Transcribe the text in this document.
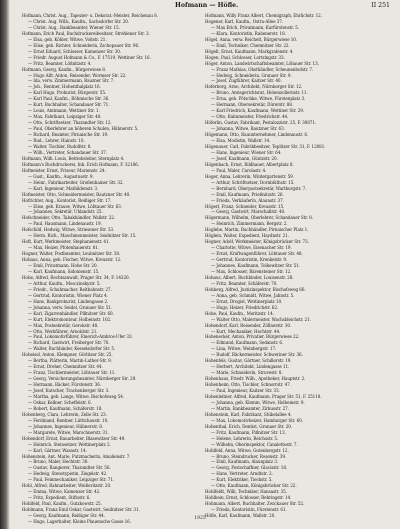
Hofmann — Höfle.	II 251
Hofmann, Christ. Aug., Tapezier- u. Dekorat.-Meister, Reichenau 8.
— Christ. Aug. Wilh., Kaufm., Sachsdorfer Str. 20.
— Christ. Aug., Bankbeamter, Wiener Str. 15.
Hofmann, Erich Paul, Buchdruckereibesitzer, Strehlener Str. 3.
— Elsa, geb. Köhler, Witwe, Voßstr. 21.
— Elise, geb. Richter, Schneiderin, Zschopauer Str. 96.
— Ernst Eduard, Schlosser, Kamenzer Str. 30.
— Friedr. August Hofmann & Co., F. 17519, Wettiner Str. 16.
— Fritz, Beamter, Lößnitzstr. 4.
Hofmann, Georg, Kaufm., Bürgerwiese 8.
— Hugo Alfr. Anton, Reisender, Wormser Str. 22.
— Ida, verw. Zimmermann, Bauzner Str. 7.
— Joh., Rentner, Hohenthalplatz 16.
— Karl Hugo, Prokurist, Bürgerstr. 55.
— Karl Paul, Kaufm., Böhmische Str. 36.
— Kurt, Buchhalter, Schandauer Str. 71.
— Louis, Amtmann, Wettiner Str. 1.
— Max, Fabrikant, Leipziger Str. 40.
— Otto, Schriftsetzer, Tharandter Str. 12.
— Paul, Oberlehrer an höheren Schulen, Hübnerstr. 5.
— Richard, Beamter, Pirnaische Str. 19.
— Rud., Lehrer, Hainstr. 10.
— Walter, Tischler, Rudolfstr. 8.
— Wilh., Vertreter, Schandauer Str. 37.
Hofmann, Wilh. Louis, Betriebsleiter, Sternplatz 4.
Hofmann's Buchdruckerei, Inh. Erich Hofmann, F. 32186.
Hofmeister, Ernst, Friseur, Marienstr. 24.
— Gust., Kaufm., Augustusstr. 9.
— Heinr., Fabrikarbeiter, Großenhainer Str. 32.
— Karl, Ingenieur, Mathildenstr. 3.
Hofmeister, Otto, Schneidermeister, Bautzner Str. 40.
Hofrichter, Aug., Kontorist, Reißiger Str. 17.
— Elise, geb. Krause, Witwe, Löbtauer Str. 63.
— Johannes, Sekretär, Uhlandstr. 25.
Hofschneider, Otto, Tabakhändler, Wallstr. 22.
— Paul, Hausmann, Lindenaustr. 19.
Hofschild, Hedwig, Witwe, Striesener Str. 33.
— Herm. Rich., Maschinenmeister, Seidnitzer Str. 15.
Hoft, Kurt, Werkmeister, Stephanienstr. 41.
— Max, Heizer, Pfotenhauerstr. 81.
Hogner, Walter, Postbeamter, Leubnitzer Str. 38.
Hohaus, Anna, geb. Fischer, Witwe, Kreuzstr. 12.
— Emil, Privatmann, Hohe Str. 20.
— Karl, Kaufmann, Sidonienstr. 15.
Hohe, Alfred, Rechtsanwalt, Prager Str. 34, F. 14320.
— Arthur, Kaufm., Mosczinskystr. 5.
— Friedr., Schuhmacher, Reitbahnstr. 27.
— Gertrud, Kontoristin, Wiener Platz 4.
— Hans, Bankprokurist, Lindengasse 2.
— Johanna, verw. Seidel, Grunaer Str. 51.
— Karl, Zigarrenhändler, Pillnitzer Str. 60.
— Kurt, Elektromonteur, Holbeinstr. 102.
— Max, Postsekretär, Gerokstr. 48.
— Otto, Werkführer, Arnoldstr. 21.
— Paul, Lokomotivführer, Emerich-Ambros-Ufer 33.
— Richard, Gastwirt, Freiberger Str. 70.
— Walter, Buchbinder, Kesselsdorfer Str. 5.
Hoheisel, Anton, Klempner, Görlitzer Str. 25.
— Bertha, Plätterin, Martin-Luther-Str. 9.
— Ernst, Dreher, Chemnitzer Str. 44.
— Franz, Tischlermeister, Löbtauer Str. 11.
— Georg, Versicherungsbeamter, Nürnberger Str. 29.
— Hermann, Bäcker, Fürstenstr. 36.
— Josef, Kutscher, Trachenberger Str. 3.
— Martha, geb. Lange, Witwe, Bischofsweg 54.
— Oskar, Kellner, Scheffelstr. 6.
— Robert, Kaufmann, Schäferstr. 18.
Hohenberg, Clara, Lehrerin, Zelle Str. 23.
— Ferdinand, Rentner, Lüttichaustr. 10.
— Johannes, Ingenieur, Hübnerstr. 8.
— Margarete, Witwe, Marschnerstr. 31.
Hohendorf, Ernst, Bauarbeiter, Blasewitzer Str. 49.
— Heinrich, Steinsetzer, Wettinerplatz 2.
— Karl, Gärtner, Wasastr. 14.
Hohenstein, Ant. Marie, Putzmacherin, Amalienstr. 7.
— Bruno, Maler, Hechtstr. 30.
— Gustav, Rangierer, Tharandter Str. 56.
— Hedwig, Stenotypistin, Ziegelstr. 42.
— Paul, Feinmechaniker, Leipziger Str. 71.
Hohl, Alfred, Bahnarbeiter, Weißeritzstr. 20.
— Emma, Witwe, Kamenzer Str. 42.
— Fritz, Expedient, Stiftsstr. 6.
Hohlfeld, Paul, Kaufm., Gutzkowstr. 25.
Hohlmann, Franz Emil Oskar, Gastwirt, Seidnitzer Str. 31.
— Georg, Kaufmann, Reißiger Str. 44.
— Hugo, Lagerhalter, Kleine Plauensche Gasse 16.
Hofmann, Willy Franz Albert, Chemigraph, Ehrlichstr. 12.
Hogener, Karl, Kaufm., Ostra-Allee 37.
— Max Erich, Privatmann, Kurfürstenstr. 5.
— Klara, Kontoristin, Rabenerstr. 18.
Högel, Anna, verw. Reichelt, Bürgerwiese 10.
— Emil, Techniker, Chemnitzer Str. 22.
Högelt, Ernst, Kaufmann, Markgrafenstr. 4.
Hogen, Paul, Schlosser, Lortzingstr. 33.
Höger, Anton, Landwirtschaftsbeamter, Löbauer Str. 13.
— Franz Mathias, Obsthändler, Scheunenhofstr. 7.
— Hedwig, Schneiderin, Grunaer Str. 9.
— Josef, Zugführer, Kaitzer Str. 40.
Hoferberg, Arno, Architekt, Nürnberger Str. 12.
— Bruno, Amtsgerichtsrat, Hohenzollernstr. 11.
— Erna, geb. Pötschke, Witwe, Fürstenplatz 3.
— Hermann, Obersekretär, Dürerstr. 88.
— Karl Friedrich, Kaufmann, Wettiner Str. 29.
— Otto, Bahnmeister, Friedrichstr. 44.
Höferlin, Gustav, Fabrikant, Pestalozzistr. 25, F. 30871.
— Johanna, Witwe, Bautzner Str. 63.
Högemann, Otto, Bauunternehmer, Lindenaustr. 6.
— Elsa, Modistin, Wallstr. 14.
Högenauer, Carl, Fabrikbesitzer, Teplitzer Str. 31, F. 12081.
— Hans, Ingenieur, Wiener Str. 64.
— Josef, Kaufmann, Güntzstr. 20.
Högenbach, Ernst, Bildhauer, Albertplatz 8.
— Paul, Maler, Carolastr. 4.
Hoger, Anna, Lehrerin, Wintergartenstr. 59.
— Arthur, Schriftsetzer, Dornblüthstr. 15.
— Bernhard, Oberpostsekretär, Wartburgstr. 7.
— Emil, Kaufmann, Prießnitzstr. 26.
— Frieda, Verkäuferin, Alaunstr. 37.
Högerl, Franz, Schneider, Kreuzstr. 15.
— Georg, Gastwirt, Marschallstr. 40.
Högermann, Wilhelm, Oberlehrer, Schandauer Str. 8.
— Heinrich, Zimmermann, Bergstr. 2.
Hoglebe, Martin, Buchhändler, Pirnaischer Platz 1.
Höglein, Walter, Expedient, Haydnstr. 21.
Hogner, Adolf, Werkmeister, Königsbrücker Str. 73.
— Charlotte, Witwe, Eisenacher Str. 19.
— Ernst, Kraftwagenführer, Löbtauer Str. 48.
— Gertrud, Kontoristin, Krenkelstr. 9.
— Johannes, Kaufmann, Tolkewitzer Str. 51.
— Max, Schlosser, Bärensteiner Str. 12.
Hohaus, Albert, Buchbinder, Louisenstr. 28.
— Fritz, Beamter, Schäferstr. 70.
Hohberg, Alfred, Justizinspektor, Bischofsweg 66.
— Anna, geb. Schmidt, Witwe, Jahnstr. 5.
— Ernst, Drogist, Wettinerplatz 10.
— Hugo, Heizer, Friedrichstr. 62.
Hohe, Paul, Kaufm., Moritzstr. 14.
— Walter Otto, Malermeister, Wachsbleichstr. 21.
Hohendorf, Karl, Reisender, Zöllnerstr. 30.
— Kurt, Mechaniker, Hechtstr. 44.
Hohenecker, Anton, Privatier, Bürgerwiese 22.
— Edmund, Kaufmann, Sedanstr. 6.
— Lina, Witwe, Weinbergstr. 17.
— Rudolf, Bäckermeister, Schweriner Str. 36.
Hohenfels, Gustav, Gärtner, Schillerstr. 19.
— Herbert, Architekt, Lindengasse 11.
— Marie, Schneiderin, Struvestr. 8.
Hohenhaus, Friedr. Wilh., Apotheker, Hauptstr. 2.
Hohenheim, Otto, Tischler, Schnorrstr. 47.
— Paul, Ingenieur, Kaitzer Str. 33.
Hohenleitner, Alfred, Kaufmann, Prager Str. 51, F. 25118.
— Johanna, geb. Klemm, Witwe, Holbeinstr. 9.
— Martin, Bankbeamter, Zirkusstr. 27.
Hohenstein, Karl, Fabrikant, Stübelallee 4.
— Max, Lokomotivheizer, Hamburger Str. 60.
Hohenthal, Erich, Dentist, Grunaer Str. 20.
— Fritz, Kaufmann, Pillnitzer Str. 13.
— Helene, Lehrerin, Reichsstr. 5.
— Wilhelm, Oberinspektor, Canalettostr. 7.
Hohlfeld, Anna, Witwe, Gutenbergstr. 12.
— Bruno, Steindrucker, Rosenstr. 39.
— Emil, Kaufmann, Alaunplatz 3.
— Georg, Postschaffner, Glacisstr. 18.
— Hans, Vertreter, Arndtstr. 2.
— Kurt, Elektriker, Tieckstr. 5.
— Otto, Kaufmann, Königsbrücker Str. 22.
Hohlfeldt, Willi, Techniker, Hansastr. 35.
Hohlbein, Ernst, Schlosser, Behringstr. 14.
Hohmann, Albert, Buchhalter, Zwickauer Str. 52.
— Frieda, Kontoristin, Fürstenstr. 61.
Höfle, Karl, Kaufmann, Wallstr. 20.
1925
